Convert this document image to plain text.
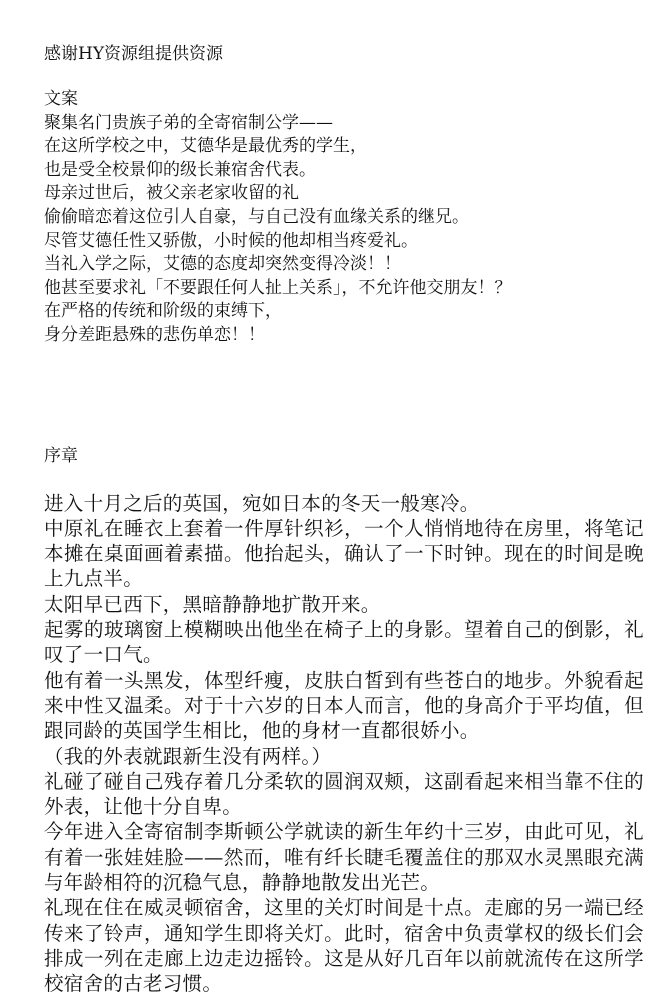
感谢HY资源组提供资源

文案

聚集名门贵族子弟的全寄宿制公学——

在这所学校之中，艾德华是最优秀的学生，

也是受全校景仰的级长兼宿舍代表。

母亲过世后，被父亲老家收留的礼

偷偷暗恋着这位引人自豪，与自己没有血缘关系的继兄。

尽管艾德任性又骄傲，小时候的他却相当疼爱礼。

当礼入学之际，艾德的态度却突然变得冷淡！！

他甚至要求礼「不要跟任何人扯上关系」，不允许他交朋友！？

在严格的传统和阶级的束缚下，

身分差距悬殊的悲伤单恋！！

序章

进入十月之后的英国，宛如日本的冬天一般寒冷。

中原礼在睡衣上套着一件厚针织衫，一个人悄悄地待在房里，将笔记本摊在桌面画着素描。他抬起头，确认了一下时钟。现在的时间是晚上九点半。

太阳早已西下，黑暗静静地扩散开来。

起雾的玻璃窗上模糊映出他坐在椅子上的身影。望着自己的倒影，礼叹了一口气。

他有着一头黑发，体型纤瘦，皮肤白皙到有些苍白的地步。外貌看起来中性又温柔。对于十六岁的日本人而言，他的身高介于平均值，但跟同龄的英国学生相比，他的身材一直都很娇小。

（我的外表就跟新生没有两样。）

礼碰了碰自己残存着几分柔软的圆润双颊，这副看起来相当靠不住的外表，让他十分自卑。

今年进入全寄宿制李斯顿公学就读的新生年约十三岁，由此可见，礼有着一张娃娃脸——然而，唯有纤长睫毛覆盖住的那双水灵黑眼充满与年龄相符的沉稳气息，静静地散发出光芒。

礼现在住在威灵顿宿舍，这里的关灯时间是十点。走廊的另一端已经传来了铃声，通知学生即将关灯。此时，宿舍中负责掌权的级长们会排成一列在走廊上边走边摇铃。这是从好几百年以前就流传在这所学校宿舍的古老习惯。
